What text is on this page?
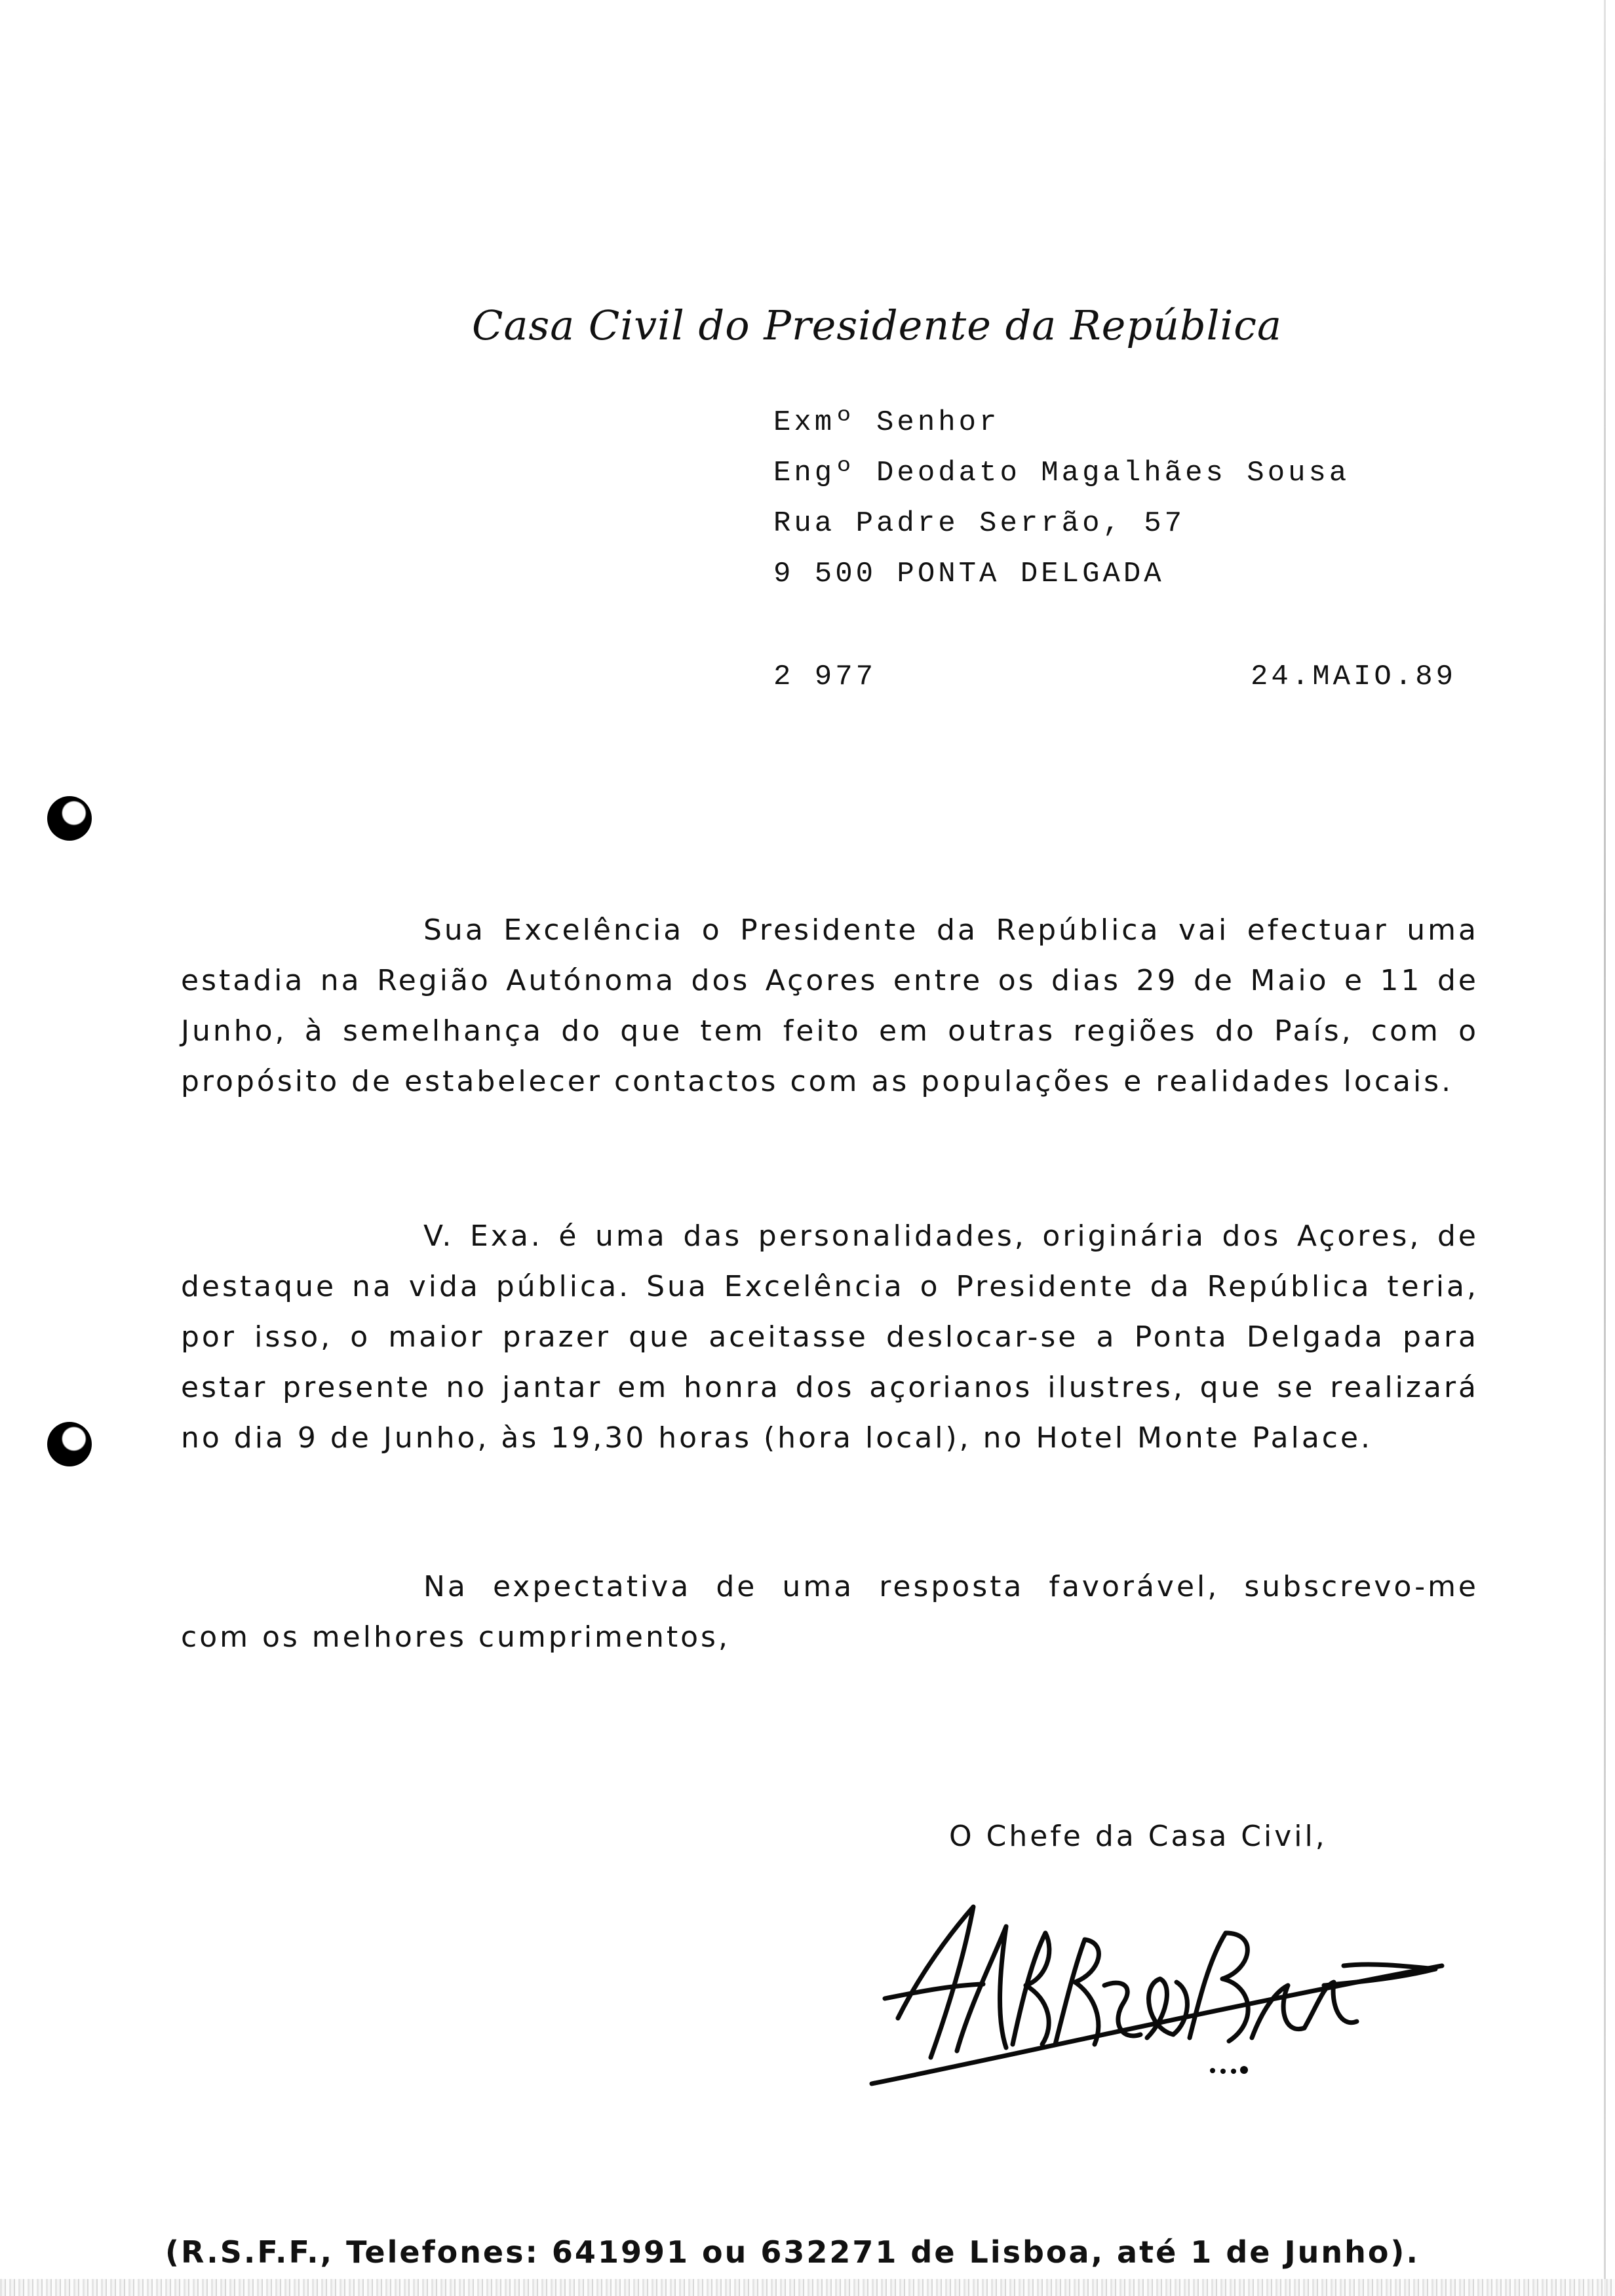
Casa Civil do Presidente da República
Exmº Senhor
Engº Deodato Magalhães Sousa
Rua Padre Serrão, 57
9 500 PONTA DELGADA
2 977	24.MAIO.89

Sua Excelência o Presidente da República vai efectuar uma estadia na Região Autónoma dos Açores entre os dias 29 de Maio e 11 de Junho, à semelhança do que tem feito em outras regiões do País, com o propósito de estabelecer contactos com as populações e realidades locais.

V. Exa. é uma das personalidades, originária dos Açores, de destaque na vida pública. Sua Excelência o Presidente da República teria, por isso, o maior prazer que aceitasse deslocar-se a Ponta Delgada para estar presente no jantar em honra dos açorianos ilustres, que se realizará no dia 9 de Junho, às 19,30 horas (hora local), no Hotel Monte Palace.

Na expectativa de uma resposta favorável, subscrevo-me com os melhores cumprimentos,

O Chefe da Casa Civil,
(R.S.F.F., Telefones: 641991 ou 632271 de Lisboa, até 1 de Junho).
